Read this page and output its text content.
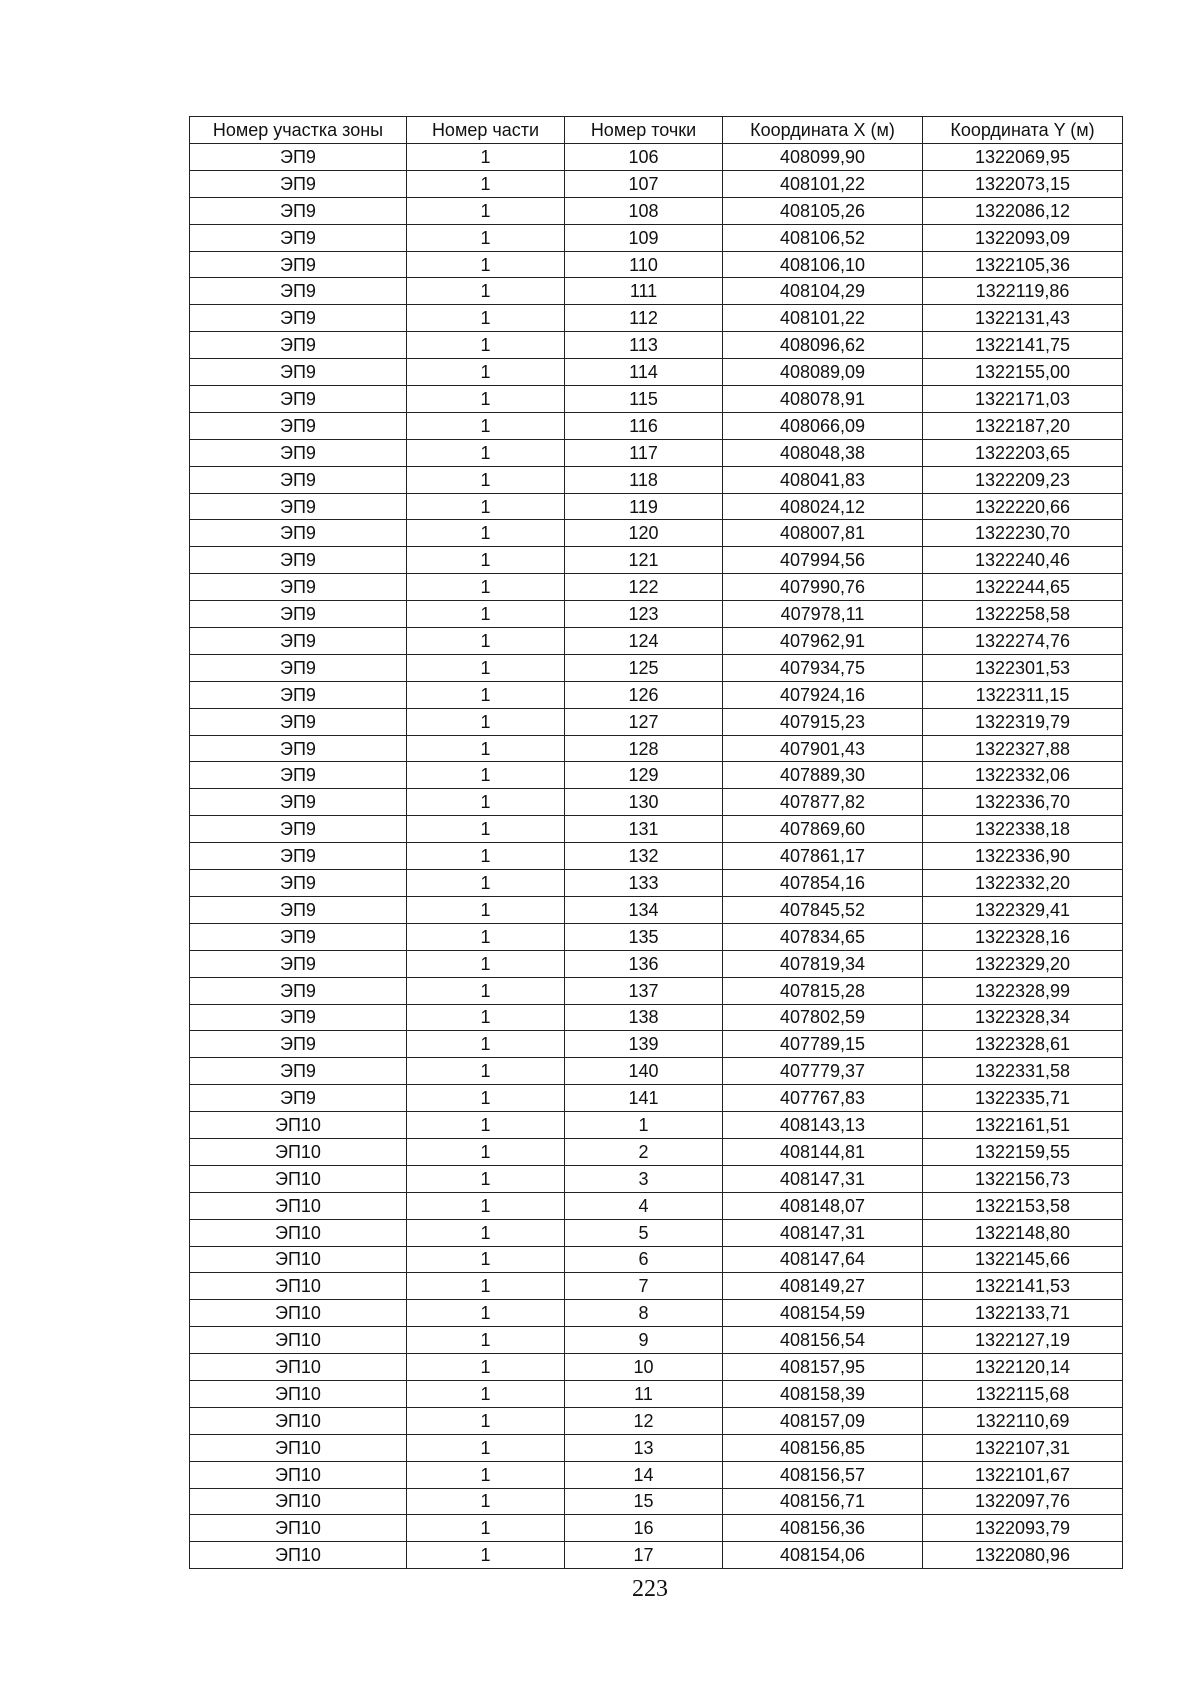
Номер участка зоны	Номер части	Номер точки	Координата X (м)	Координата Y (м)
ЭП9	1	106	408099,90	1322069,95
ЭП9	1	107	408101,22	1322073,15
ЭП9	1	108	408105,26	1322086,12
ЭП9	1	109	408106,52	1322093,09
ЭП9	1	110	408106,10	1322105,36
ЭП9	1	111	408104,29	1322119,86
ЭП9	1	112	408101,22	1322131,43
ЭП9	1	113	408096,62	1322141,75
ЭП9	1	114	408089,09	1322155,00
ЭП9	1	115	408078,91	1322171,03
ЭП9	1	116	408066,09	1322187,20
ЭП9	1	117	408048,38	1322203,65
ЭП9	1	118	408041,83	1322209,23
ЭП9	1	119	408024,12	1322220,66
ЭП9	1	120	408007,81	1322230,70
ЭП9	1	121	407994,56	1322240,46
ЭП9	1	122	407990,76	1322244,65
ЭП9	1	123	407978,11	1322258,58
ЭП9	1	124	407962,91	1322274,76
ЭП9	1	125	407934,75	1322301,53
ЭП9	1	126	407924,16	1322311,15
ЭП9	1	127	407915,23	1322319,79
ЭП9	1	128	407901,43	1322327,88
ЭП9	1	129	407889,30	1322332,06
ЭП9	1	130	407877,82	1322336,70
ЭП9	1	131	407869,60	1322338,18
ЭП9	1	132	407861,17	1322336,90
ЭП9	1	133	407854,16	1322332,20
ЭП9	1	134	407845,52	1322329,41
ЭП9	1	135	407834,65	1322328,16
ЭП9	1	136	407819,34	1322329,20
ЭП9	1	137	407815,28	1322328,99
ЭП9	1	138	407802,59	1322328,34
ЭП9	1	139	407789,15	1322328,61
ЭП9	1	140	407779,37	1322331,58
ЭП9	1	141	407767,83	1322335,71
ЭП10	1	1	408143,13	1322161,51
ЭП10	1	2	408144,81	1322159,55
ЭП10	1	3	408147,31	1322156,73
ЭП10	1	4	408148,07	1322153,58
ЭП10	1	5	408147,31	1322148,80
ЭП10	1	6	408147,64	1322145,66
ЭП10	1	7	408149,27	1322141,53
ЭП10	1	8	408154,59	1322133,71
ЭП10	1	9	408156,54	1322127,19
ЭП10	1	10	408157,95	1322120,14
ЭП10	1	11	408158,39	1322115,68
ЭП10	1	12	408157,09	1322110,69
ЭП10	1	13	408156,85	1322107,31
ЭП10	1	14	408156,57	1322101,67
ЭП10	1	15	408156,71	1322097,76
ЭП10	1	16	408156,36	1322093,79
ЭП10	1	17	408154,06	1322080,96
223
